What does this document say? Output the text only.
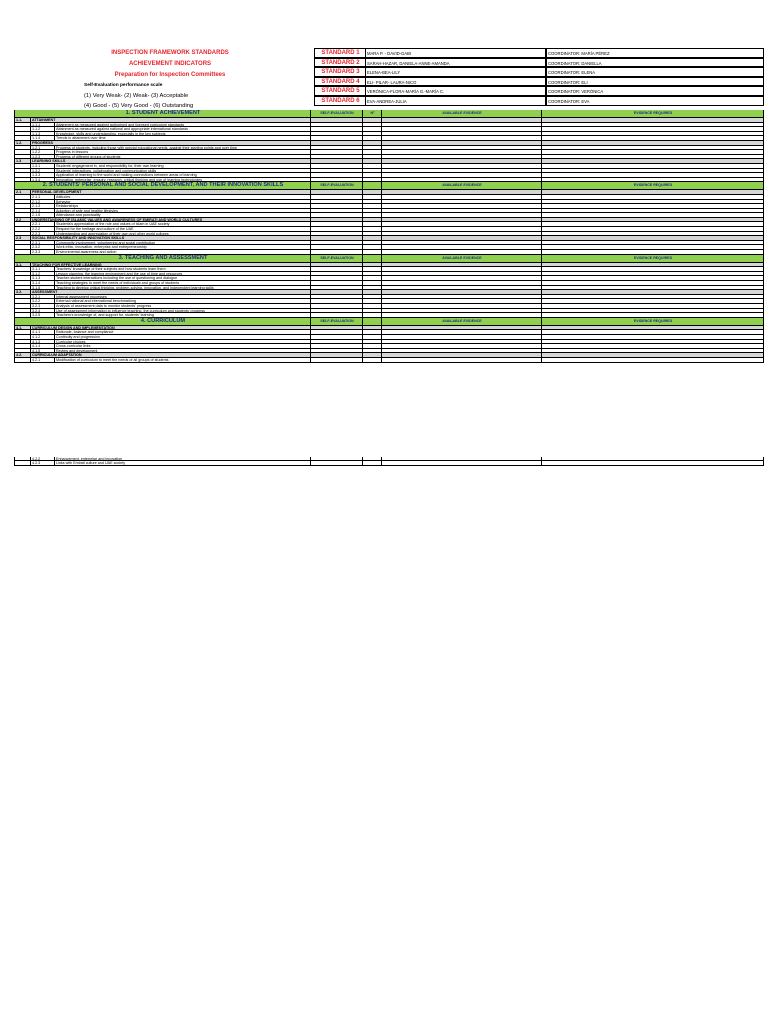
INSPECTION FRAMEWORK STANDARDS
ACHIEVEMENT INDICATORS
Preparation for Inspection Committees
Self-Evaluation performance scale
(1) Very Weak- (2) Weak- (3) Acceptable
(4) Good - (5) Very Good - (6) Outstanding
STANDARD 1	MARA P. - DAVID-GABI	COORDINATOR: MARÍA PÉREZ
STANDARD 2	SARAH-HAZAR, DANIELA-ANNE-AMANDA	COORDINATOR: DANIELLA
STANDARD 3	ELENA-BEA-LILY	COORDINATOR: ELENA
STANDARD 4	ELI- PILAR- LAURA-NICO	COORDINATOR: ELI
STANDARD 5	VERÓNICA-FLORA-MARÍA G.-MARÍA C.	COORDINATOR: VERÓNICA
STANDARD 6	EVA-ANDREA-JULIA	COORDINATOR: EVA
1. STUDENT ACHIEVEMENT	SELF-EVALUATION	Nº	AVAILABLE EVIDENCE	EVIDENCE REQUIRED
1.1.	ATTAINMENT
1.1.1	Attainment as measured against authorised and licensed curriculum standards
1.1.2	Attainment as measured against national and appropriate international standards
1.1.3	Knowledge, skills and understanding, especially in the key subjects
1.1.4	Trends in attainment over time
1.2.	PROGRESS
1.2.1	Progress of students, including those with special educational needs, against their starting points and over time
1.2.2	Progress in lessons
1.2.3	Progress of different groups of students
1.3	LEARNING SKILLS
1.3.1	Students' engagement in, and responsibility for, their own learning
1.3.2	Students' interactions, collaboration and communication skills
1.3.3	Application of learning to the world and making connections between areas of learning
1.3.4	Innovation, enterprise, enquiry, research, critical thinking and use of learning technologies
2. STUDENTS' PERSONAL AND SOCIAL DEVELOPMENT, AND THEIR INNOVATION SKILLS	SELF-EVALUATION	AVAILABLE EVIDENCE	EVIDENCE REQUIRED
2.1	PERSONAL DEVELOPMENT
2.1.1	Attitudes
2.1.2	Behavior
2.1.3	Relationships
2.1.4	Adoption of safe and healthy lifestyles
2.1.5	Attendance and punctuality
2.2	UNDERSTANDING OF ISLAMIC VALUES AND AWARENESS OF EMIRATI AND WORLD CULTURES
2.2.1	Students's appreciation of the role and values of Islam in UAE society
2.2.2	Respect for the heritage and culture of the UAE
2.2.3	Understanding and appreciation of their own and other world cultures
2.3	SOCIAL RESPONSIBILITY AND INNOVATION SKILLS
2.3.1	Community involvement, volunteering and social contribution
2.3.2	Work ethic, innovation, enterprise and entrepreneurship
2.3.3	Environmental awareness and action
3. TEACHING AND ASSESSMENT	SELF-EVALUATION	AVAILABLE EVIDENCE	EVIDENCE REQUIRED
3.1.	TEACHING FOR EFFECTIVE LEARNING
3.1.1	Teachers' knowledge of their subjects and how students learn them
3.1.2	Lesson planning, the learning environment and the use of time and resources
3.1.3	Teacher-student interactions including the use of questioning and dialogue
3.1.4	Teaching strategies to meet the needs of individuals and groups of students
3.1.5	Teaching to develop critical thinking, problem-solving, innovation, and independent learning skills
3.2.	ASSESSMENT
3.2.1	Internal assessment processes
3.2.2	External national and international benchmarking
3.2.3	Analysis of assessment data to monitor students' progress
3.2.4	Use of assessment information to influence teaching, the curriculum and students' progress
3.2.5	Teachers's knowledge of, and support for, students' learning
4. CURRICULUM	SELF-EVALUATION	AVAILABLE EVIDENCE	EVIDENCE REQUIRED
4.1.	CURRICULUM DESIGN AND IMPLEMENTATION
4.1.1	Rationale, balance and compliance
4.1.2	Continuity and progression
4.1.3	Curricular choices
4.1.4	Cross-curricular links
4.1.5	Review and development
4.2.	CURRICULUM ADAPTATION
4.2.1	Modification of curriculum to meet the needs of all groups of students
4.2.2	Enhancement, enterprise and innovation
4.2.3	Links with Emirati culture and UAE society
